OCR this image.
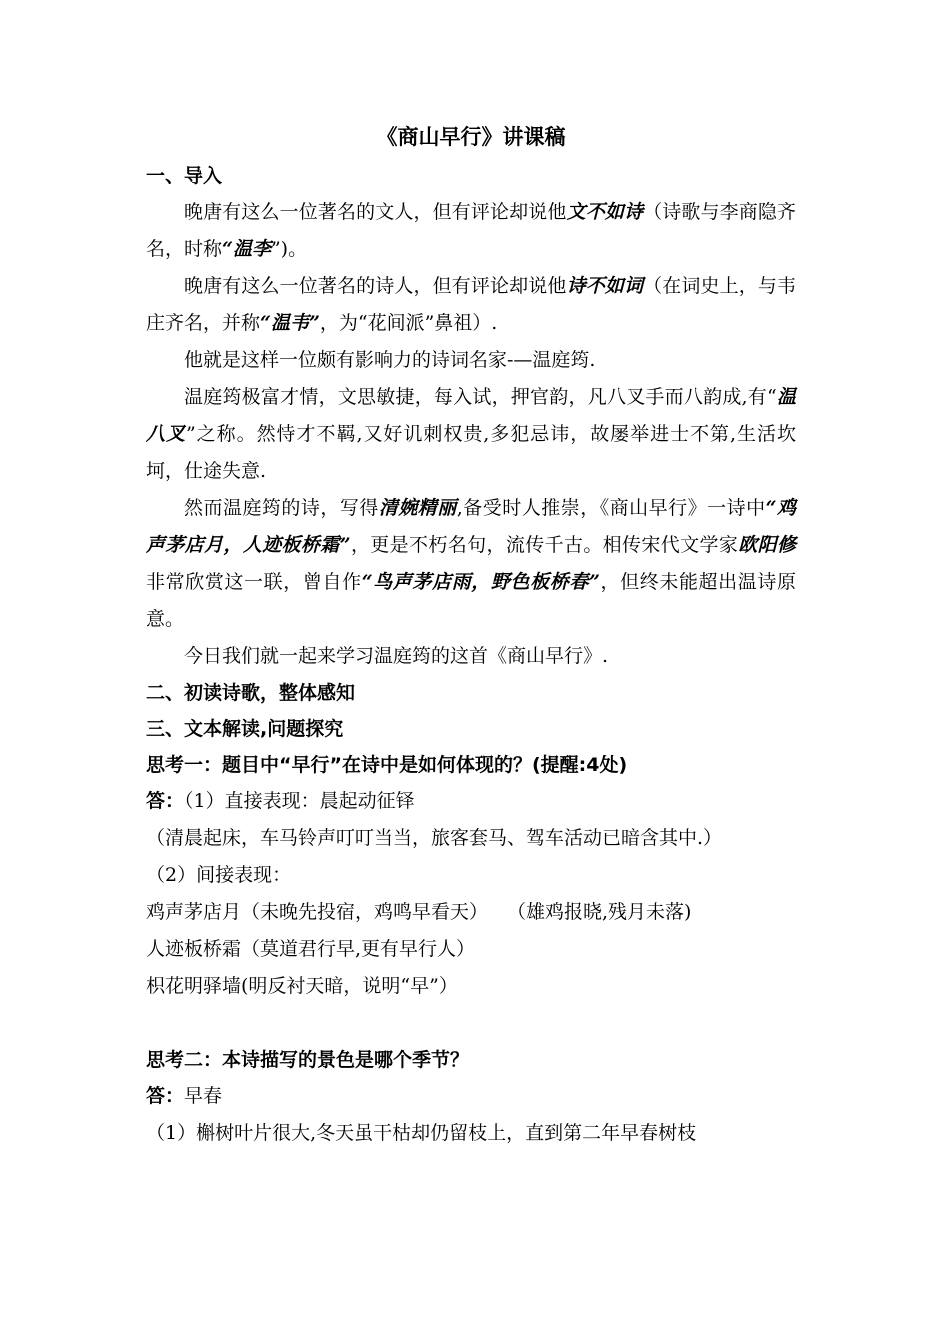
《商山早行》讲课稿
一、导入

晚唐有这么一位著名的文人，但有评论却说他文不如诗（诗歌与李商隐齐名，时称“温李”)。

晚唐有这么一位著名的诗人，但有评论却说他诗不如词（在词史上，与韦庄齐名，并称“温韦”，为“花间派”鼻祖）.

他就是这样一位颇有影响力的诗词名家-—温庭筠.

温庭筠极富才情，文思敏捷，每入试，押官韵，凡八叉手而八韵成,有“温八叉”之称。然恃才不羁,又好讥刺权贵,多犯忌讳，故屡举进士不第,生活坎坷，仕途失意.

然而温庭筠的诗，写得清婉精丽,备受时人推崇，《商山早行》一诗中“鸡声茅店月，人迹板桥霜”，更是不朽名句，流传千古。相传宋代文学家欧阳修非常欣赏这一联，曾自作“鸟声茅店雨，野色板桥春”，但终未能超出温诗原意。

今日我们就一起来学习温庭筠的这首《商山早行》.

二、初读诗歌，整体感知
三、文本解读,问题探究
思考一：题目中“早行”在诗中是如何体现的？(提醒:4处)

答：（1）直接表现：晨起动征铎

（清晨起床，车马铃声叮叮当当，旅客套马、驾车活动已暗含其中.）

（2）间接表现：

鸡声茅店月（未晚先投宿，鸡鸣早看天）　　（雄鸡报晓,残月未落)

人迹板桥霜（莫道君行早,更有早行人）

枳花明驿墙(明反衬天暗，说明“早”）

思考二：本诗描写的景色是哪个季节？

答：早春

（1）槲树叶片很大,冬天虽干枯却仍留枝上，直到第二年早春树枝
